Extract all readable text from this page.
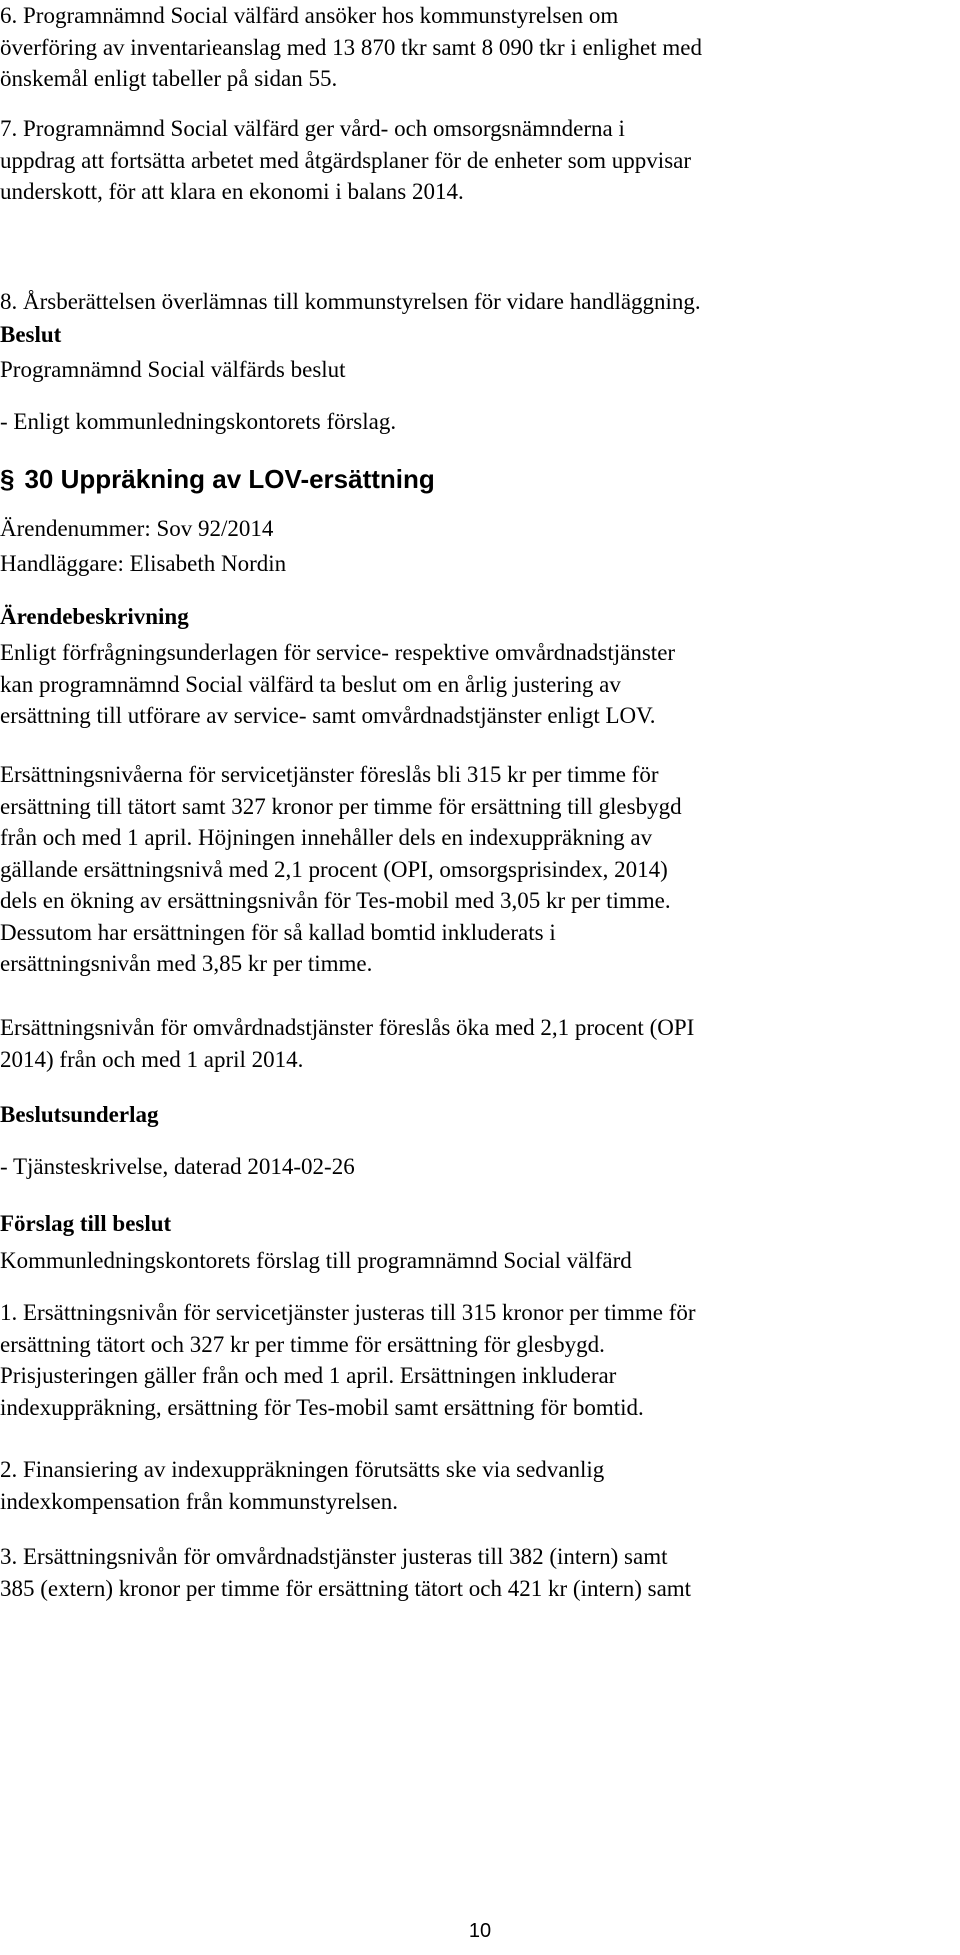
6. Programnämnd Social välfärd ansöker hos kommunstyrelsen om
överföring av inventarieanslag med 13 870 tkr samt 8 090 tkr i enlighet med
önskemål enligt tabeller på sidan 55.
7. Programnämnd Social välfärd ger vård- och omsorgsnämnderna i
uppdrag att fortsätta arbetet med åtgärdsplaner för de enheter som uppvisar
underskott, för att klara en ekonomi i balans 2014.
8. Årsberättelsen överlämnas till kommunstyrelsen för vidare handläggning.
Beslut
Programnämnd Social välfärds beslut
- Enligt kommunledningskontorets förslag.
§ 30 Uppräkning av LOV-ersättning
Ärendenummer: Sov 92/2014
Handläggare: Elisabeth Nordin
Ärendebeskrivning
Enligt förfrågningsunderlagen för service- respektive omvårdnadstjänster
kan programnämnd Social välfärd ta beslut om en årlig justering av
ersättning till utförare av service- samt omvårdnadstjänster enligt LOV.
Ersättningsnivåerna för servicetjänster föreslås bli 315 kr per timme för
ersättning till tätort samt 327 kronor per timme för ersättning till glesbygd
från och med 1 april. Höjningen innehåller dels en indexuppräkning av
gällande ersättningsnivå med 2,1 procent (OPI, omsorgsprisindex, 2014)
dels en ökning av ersättningsnivån för Tes-mobil med 3,05 kr per timme.
Dessutom har ersättningen för så kallad bomtid inkluderats i
ersättningsnivån med 3,85 kr per timme.
Ersättningsnivån för omvårdnadstjänster föreslås öka med 2,1 procent (OPI
2014) från och med 1 april 2014.
Beslutsunderlag
- Tjänsteskrivelse, daterad 2014-02-26
Förslag till beslut
Kommunledningskontorets förslag till programnämnd Social välfärd
1. Ersättningsnivån för servicetjänster justeras till 315 kronor per timme för
ersättning tätort och 327 kr per timme för ersättning för glesbygd.
Prisjusteringen gäller från och med 1 april. Ersättningen inkluderar
indexuppräkning, ersättning för Tes-mobil samt ersättning för bomtid.
2. Finansiering av indexuppräkningen förutsätts ske via sedvanlig
indexkompensation från kommunstyrelsen.
3. Ersättningsnivån för omvårdnadstjänster justeras till 382 (intern) samt
385 (extern) kronor per timme för ersättning tätort och 421 kr (intern) samt
10
